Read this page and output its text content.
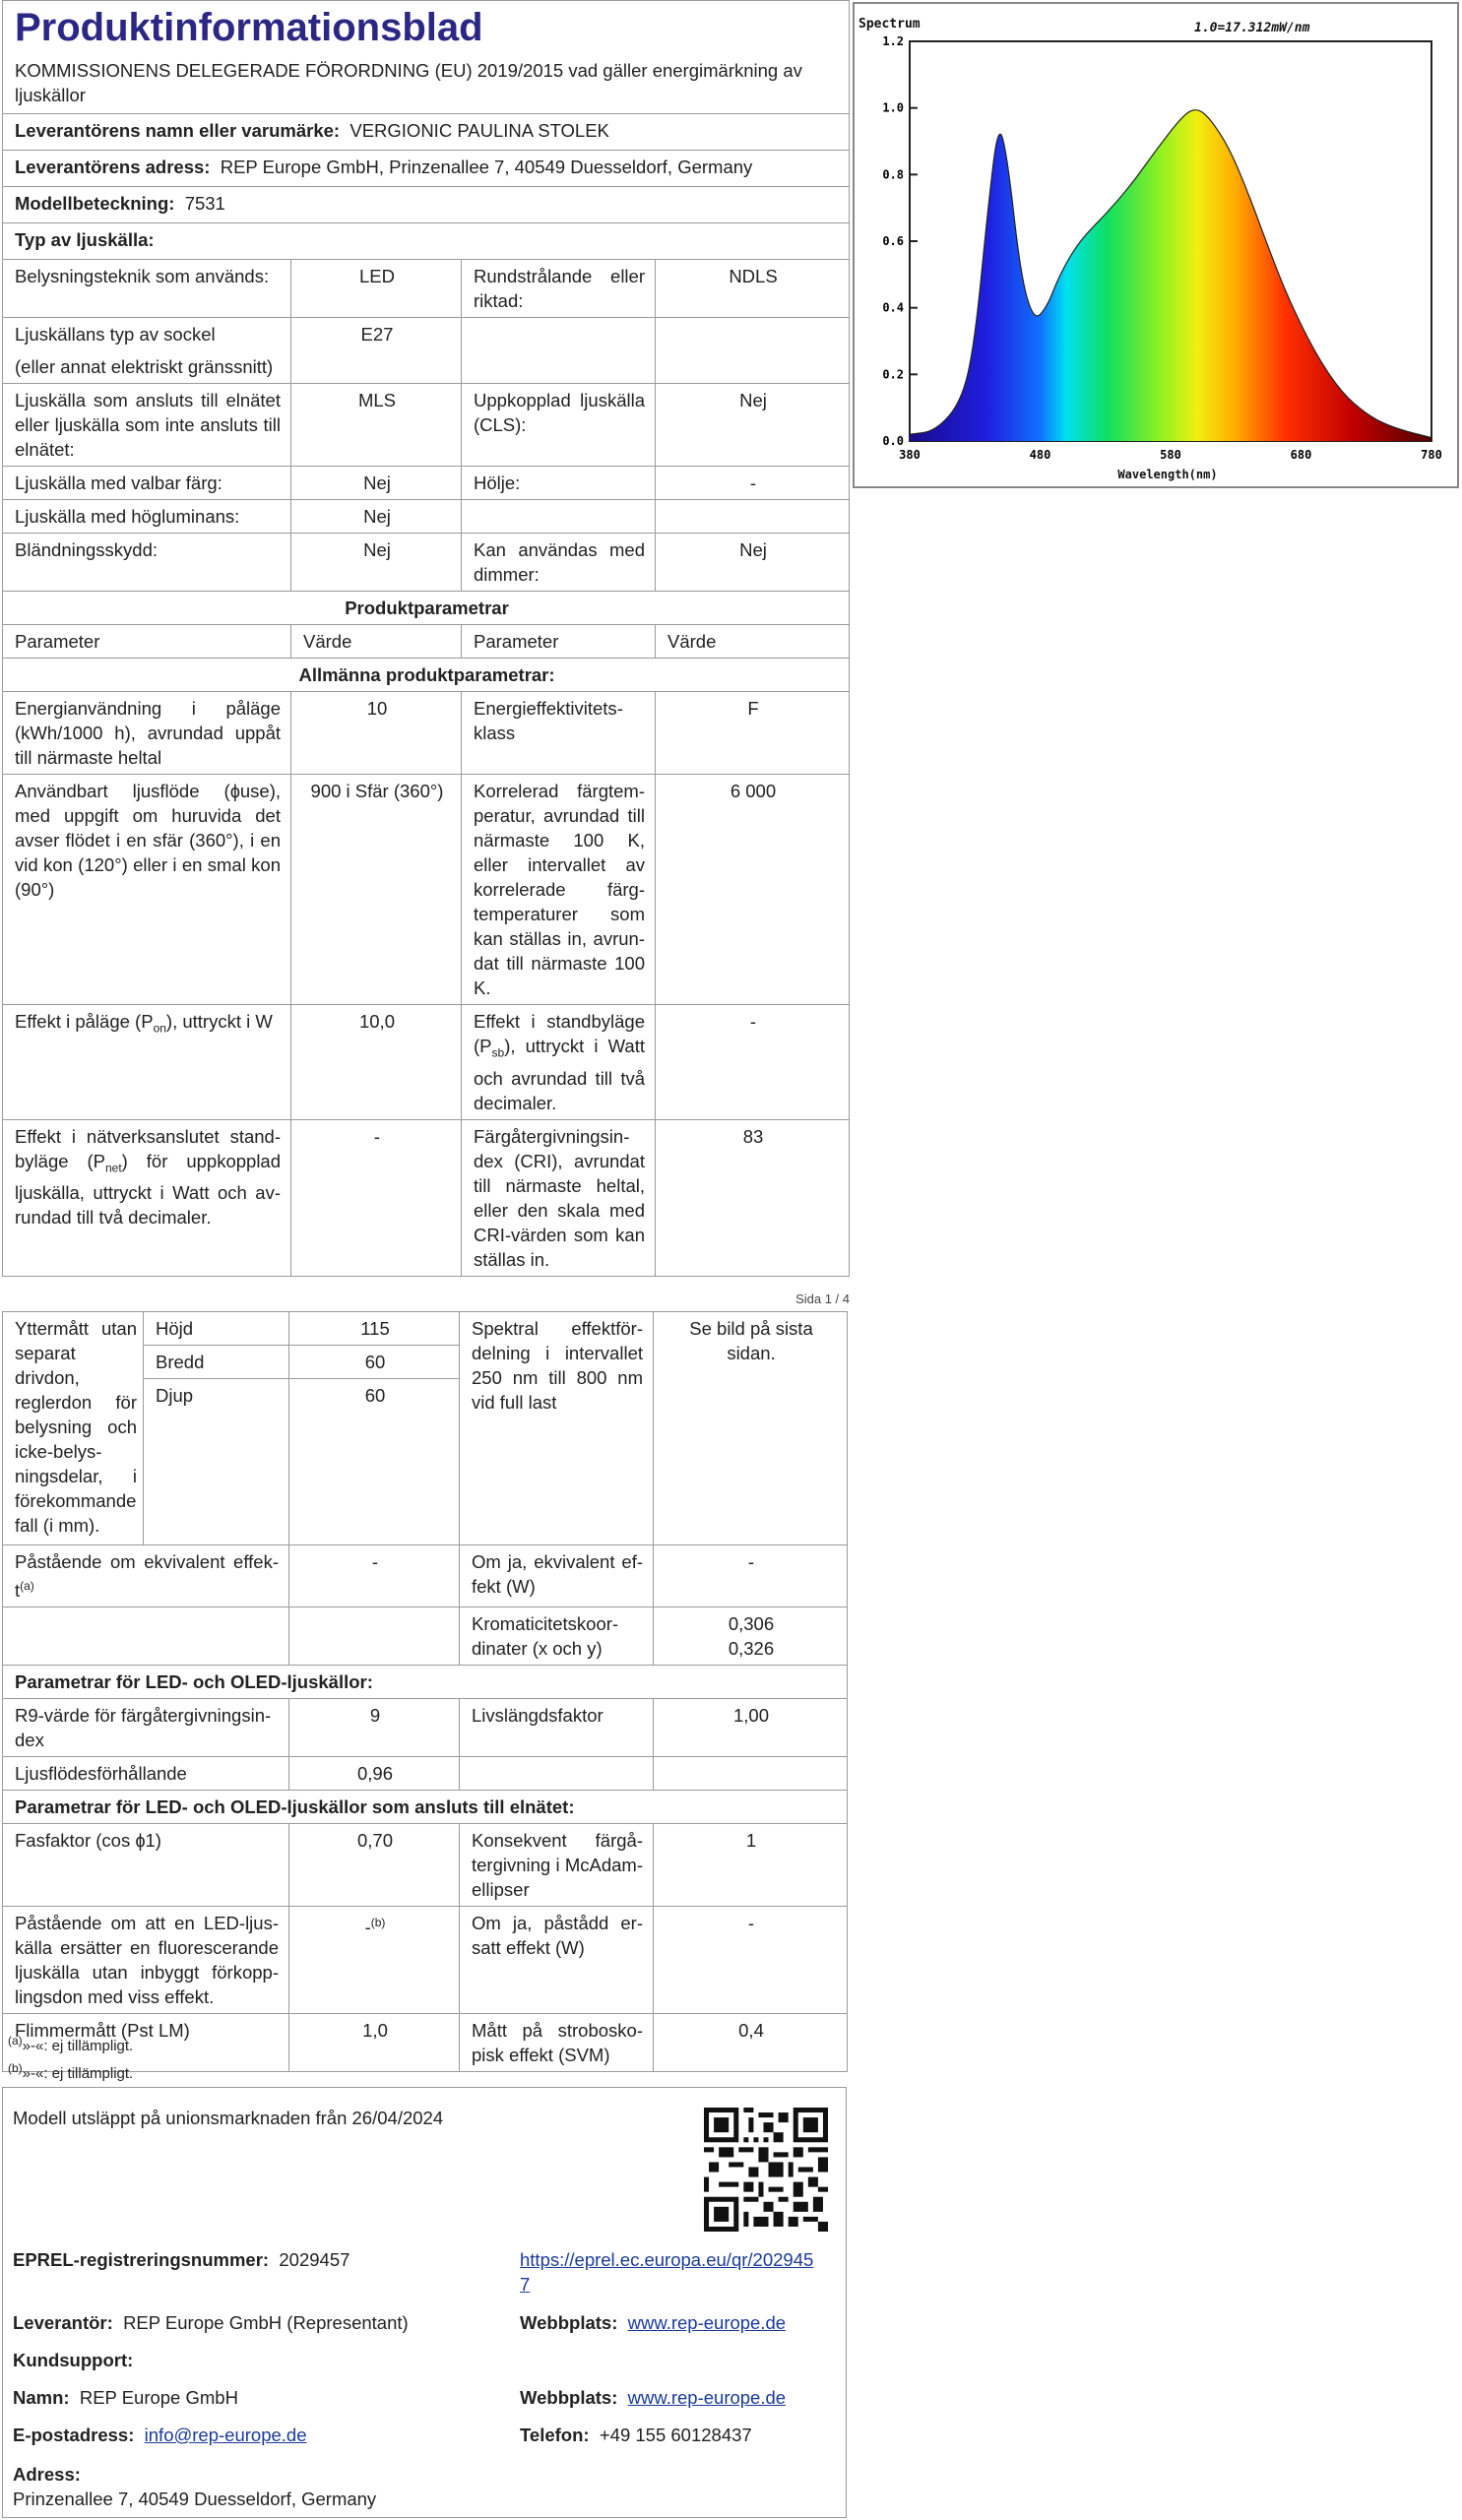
Produktinformationsblad
KOMMISSIONENS DELEGERADE FÖRORDNING (EU) 2019/2015 vad gäller energimärkning av ljuskällor			

Leverantörens namn eller varumärke: VERGIONIC PAULINA STOLEK			
Leverantörens adress: REP Europe GmbH, Prinzenallee 7, 40549 Duesseldorf, Germany			
Modellbeteckning: 7531			
Typ av ljuskälla:			
Belysningsteknik som används:	LED	Rundstrålande eller riktad:	NDLS

Ljuskällans typ av sockel
(eller annat elektriskt gränssnitt)	E27		
Ljuskälla som ansluts till elnätet eller ljuskälla som inte ansluts till elnätet:	MLS	Uppkopplad ljuskälla (CLS):	Nej
Ljuskälla med valbar färg:	Nej	Hölje:	-
Ljuskälla med högluminans:	Nej		
Bländningsskydd:	Nej	Kan användas med dimmer:	Nej
Produktparametrar			
Parameter	Värde	Parameter	Värde
Allmänna produktparametrar:			
Energianvändning i påläge (kWh/1000 h), avrundad uppåt till närmaste heltal	10	Energieffektivitetsklass	F
Användbart ljusflöde (ɸuse), med uppgift om huruvida det avser flödet i en sfär (360°), i en vid kon (120°) eller i en smal kon (90°)	900 i Sfär (360°)	Korrelerad färgtemperatur, avrundad till närmaste 100 K, eller intervallet av korrelerade färgtemperaturer som kan ställas in, avrundat till närmaste 100 K.	6 000
Effekt i påläge $(P_{on})$, uttryckt i W	10,0	Effekt i standbyläge $(P_{sb})$, uttryckt i Watt och avrundad till två decimaler.	-
Effekt i nätverksanslutet standbyläge $(P_{net})$ för uppkopplad ljuskälla, uttryckt i Watt och avrundad till två decimaler.	-	Färgåtergivningsindex (CRI), avrundat till närmaste heltal, eller den skala med CRI-värden som kan ställas in.	83
Spectrum	1.0=17.312mW/nm
0.0
0.2
0.4
0.6
0.8
1.0
1.2
380	480	580	680	780
Wavelength(nm)
Sida 1 / 4
Yttermått utan separat drivdon, reglerdon för belysning och icke-belysningsdelar, i förekommande fall (i mm).	Höjd	115	Spektral effektfördelning i intervallet 250 nm till 800 nm vid full last	Se bild på sista sidan.
	Bredd	60		
	Djup	60		
Påstående om ekvivalent effekt$^{(a)}$		-	Om ja, ekvivalent effekt (W)	-
			Kromaticitetskoordinater (x och y)	0,306
0,326

Parametrar för LED- och OLED-ljuskällor:				
R9-värde för färgåtergivningsindex		9	Livslängdsfaktor	1,00
Ljusflödesförhållande		0,96		
Parametrar för LED- och OLED-ljuskällor som ansluts till elnätet:				
Fasfaktor (cos ɸ1)		0,70	Konsekvent färgåtergivning i McAdam-ellipser	1
Påstående om att en LED-ljuskälla ersätter en fluorescerande ljuskälla utan inbyggt förkopplingsdon med viss effekt.		-$^{(b)}$	Om ja, påstådd ersatt effekt (W)	-
Flimmermått (Pst LM)		1,0	Mått på stroboskopisk effekt (SVM)	0,4
$^{(a)}$»-«: ej tillämpligt.
$^{(b)}$»-«: ej tillämpligt.
Modell utsläppt på unionsmarknaden från 26/04/2024
EPREL-registreringsnummer: 2029457	https://eprel.ec.europa.eu/qr/2029457
Leverantör: REP Europe GmbH (Representant)	Webbplats: www.rep-europe.de
Kundsupport:
Namn: REP Europe GmbH	Webbplats: www.rep-europe.de
E-postadress: info@rep-europe.de	Telefon: +49 155 60128437
Adress:
Prinzenallee 7, 40549 Duesseldorf, Germany
